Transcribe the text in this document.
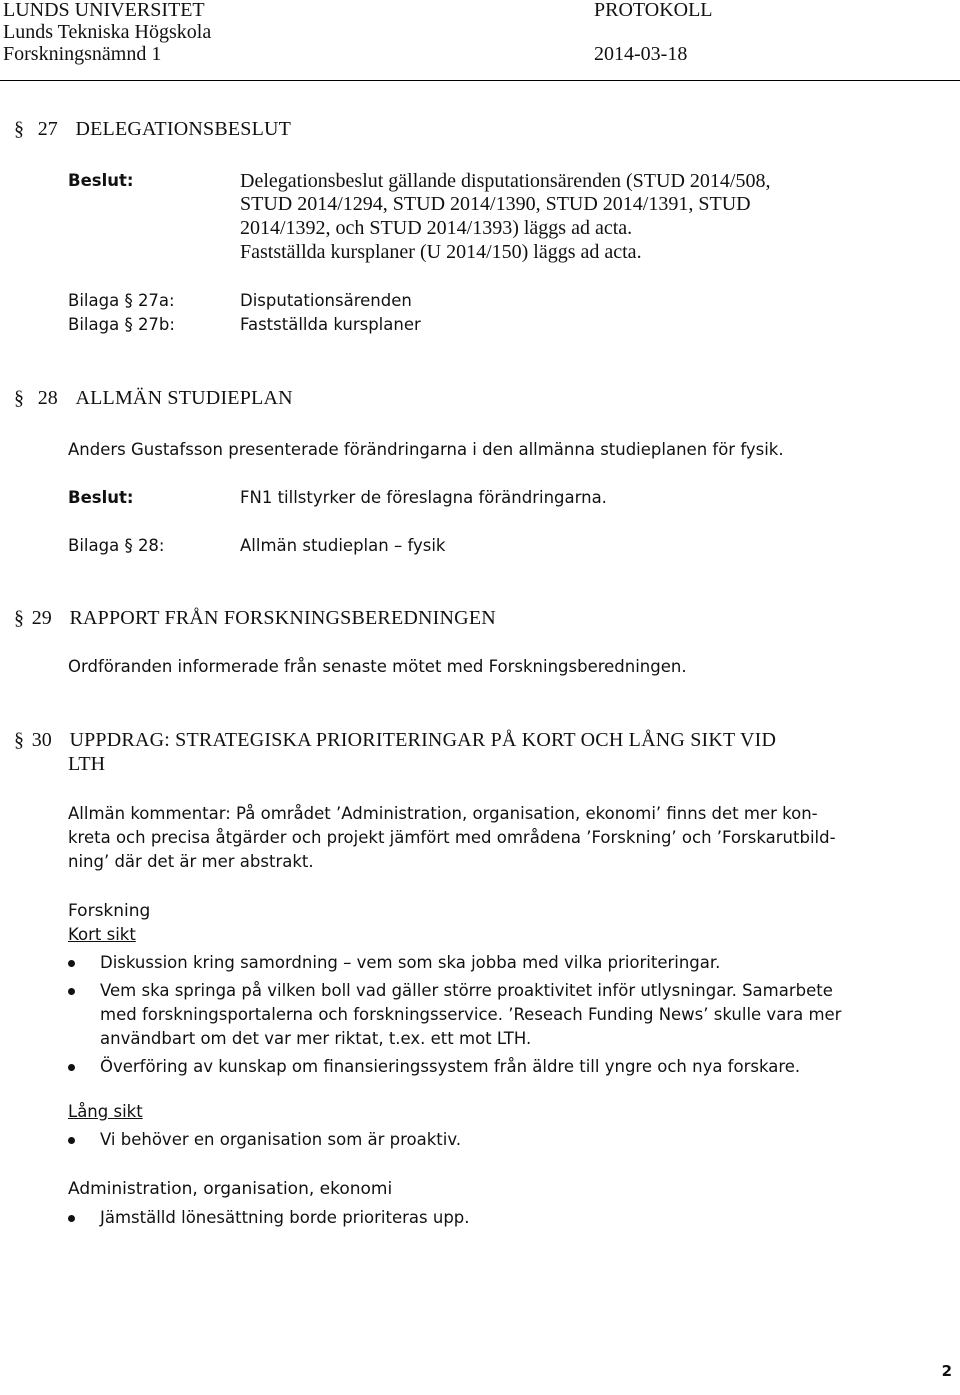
LUNDS UNIVERSITET
Lunds Tekniska Högskola
Forskningsnämnd 1
PROTOKOLL
2014-03-18
§ 27 DELEGATIONSBESLUT
Beslut:	Delegationsbeslut gällande disputationsärenden (STUD 2014/508,
STUD 2014/1294, STUD 2014/1390, STUD 2014/1391, STUD
2014/1392, och STUD 2014/1393) läggs ad acta.
Fastställda kursplaner (U 2014/150) läggs ad acta.
Bilaga § 27a:	Disputationsärenden
Bilaga § 27b:	Fastställda kursplaner
§ 28 ALLMÄN STUDIEPLAN
Anders Gustafsson presenterade förändringarna i den allmänna studieplanen för fysik.
Beslut:	FN1 tillstyrker de föreslagna förändringarna.
Bilaga § 28:	Allmän studieplan – fysik
§ 29 RAPPORT FRÅN FORSKNINGSBEREDNINGEN
Ordföranden informerade från senaste mötet med Forskningsberedningen.
§ 30 UPPDRAG: STRATEGISKA PRIORITERINGAR PÅ KORT OCH LÅNG SIKT VID
LTH
Allmän kommentar: På området ’Administration, organisation, ekonomi’ finns det mer kon-
kreta och precisa åtgärder och projekt jämfört med områdena ’Forskning’ och ’Forskarutbild-
ning’ där det är mer abstrakt.
Forskning
Kort sikt
Diskussion kring samordning – vem som ska jobba med vilka prioriteringar.
Vem ska springa på vilken boll vad gäller större proaktivitet inför utlysningar. Samarbete
med forskningsportalerna och forskningsservice. ’Reseach Funding News’ skulle vara mer
användbart om det var mer riktat, t.ex. ett mot LTH.
Överföring av kunskap om finansieringssystem från äldre till yngre och nya forskare.
Lång sikt
Vi behöver en organisation som är proaktiv.
Administration, organisation, ekonomi
Jämställd lönesättning borde prioriteras upp.
2
